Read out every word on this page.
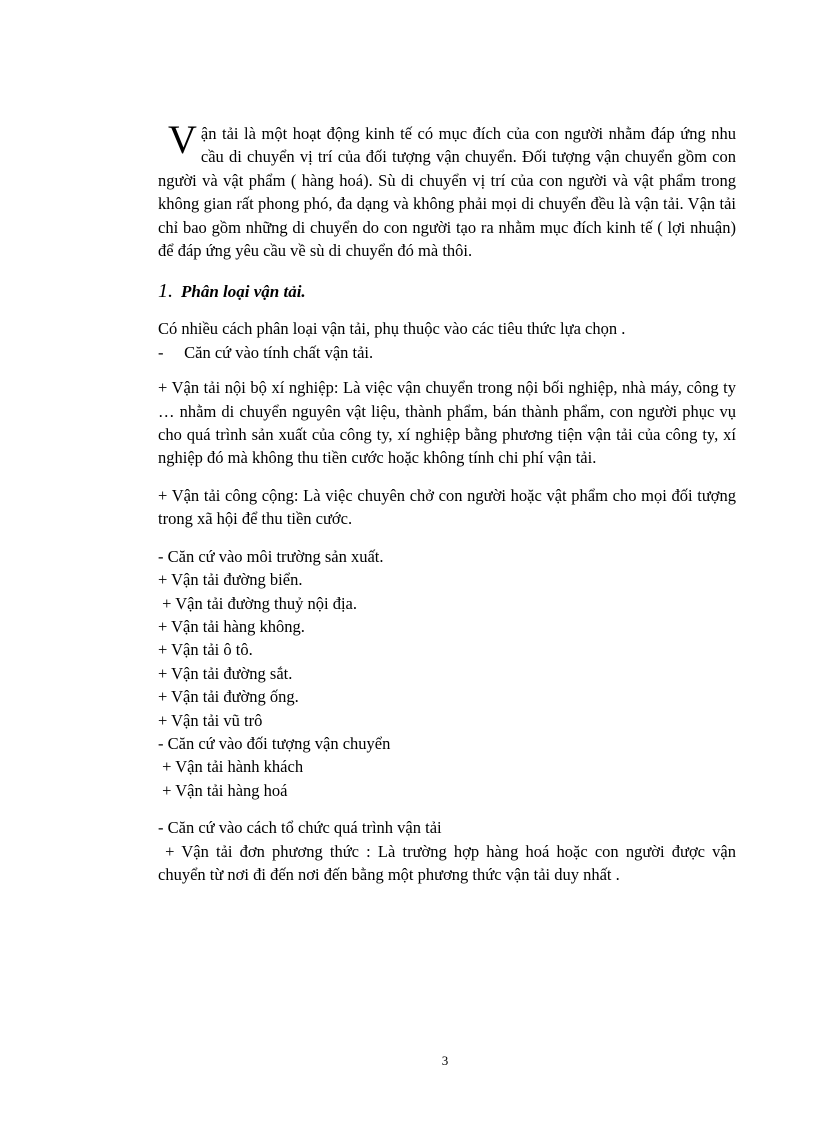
Vận tải là một hoạt động kinh tế có mục đích của con người nhằm đáp ứng nhu cầu di chuyển vị trí của đối tượng vận chuyển. Đối tượng vận chuyển gồm con người và vật phẩm ( hàng hoá). Sù di chuyển vị trí của con người và vật phẩm trong không gian rất phong phó, đa dạng và không phải mọi di chuyển đều là vận tải. Vận tải chỉ bao gồm những di chuyển do con người tạo ra nhằm mục đích kinh tế ( lợi nhuận) để đáp ứng yêu cầu về sù di chuyển đó mà thôi.

1. Phân loại vận tải.

Có nhiều cách phân loại vận tải, phụ thuộc vào các tiêu thức lựa chọn .

-     Căn cứ vào tính chất vận tải.

+ Vận tải nội bộ xí nghiệp: Là việc vận chuyển trong nội bối nghiệp, nhà máy, công ty … nhằm di chuyển nguyên vật liệu, thành phẩm, bán thành phẩm, con người phục vụ cho quá trình sản xuất của công ty, xí nghiệp bằng phương tiện vận tải của công ty, xí nghiệp đó mà không thu tiền cước hoặc không tính chi phí vận tải.

+ Vận tải công cộng: Là việc chuyên chở con người hoặc vật phẩm cho mọi đối tượng trong xã hội để thu tiền cước.

- Căn cứ vào môi trường sản xuất.

+ Vận tải đường biển.

+ Vận tải đường thuỷ nội địa.

+ Vận tải hàng không.

+ Vận tải ô tô.

+ Vận tải đường sắt.

+ Vận tải đường ống.

+ Vận tải vũ trô

- Căn cứ vào đối tượng vận chuyển

+ Vận tải hành khách

+ Vận tải hàng hoá

- Căn cứ vào cách tổ chức quá trình vận tải

+ Vận tải đơn phương thức : Là trường hợp hàng hoá hoặc con người được vận chuyển từ nơi đi đến nơi đến bằng một phương thức vận tải duy nhất .

3
